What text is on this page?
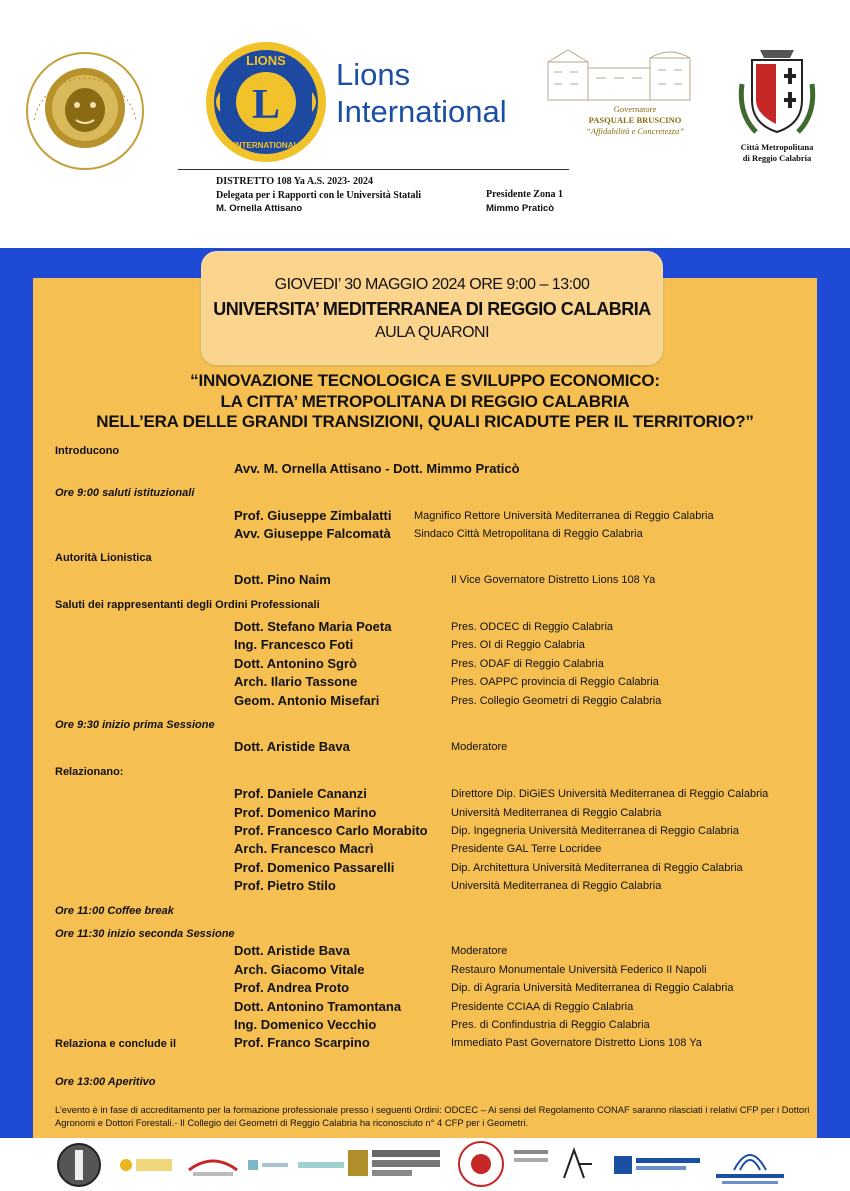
L
LIONS
INTERNATIONAL
Lions
International
DISTRETTO 108 Ya A.S. 2023- 2024
Delegata per i Rapporti con le Università Statali
M. Ornella Attisano
Presidente Zona 1
Mimmo Praticò
Governatore
PASQUALE BRUSCINO
“Affidabilità e Concretezza”
Città Metropolitana
di Reggio Calabria
GIOVEDI’ 30 MAGGIO 2024 ORE 9:00 – 13:00
UNIVERSITA’ MEDITERRANEA DI REGGIO CALABRIA
AULA QUARONI
“INNOVAZIONE TECNOLOGICA E SVILUPPO ECONOMICO:
LA CITTA’ METROPOLITANA DI REGGIO CALABRIA
NELL’ERA DELLE GRANDI TRANSIZIONI, QUALI RICADUTE PER IL TERRITORIO?”
Introducono
Avv. M. Ornella Attisano - Dott. Mimmo Praticò
Ore 9:00 saluti istituzionali
Prof. Giuseppe Zimbalatti Magnifico Rettore Università Mediterranea di Reggio Calabria
Avv. Giuseppe Falcomatà Sindaco Città Metropolitana di Reggio Calabria
Autorità Lionistica
Dott. Pino Naim	Il Vice Governatore Distretto Lions 108 Ya
Saluti dei rappresentanti degli Ordini Professionali
Dott. Stefano Maria Poeta	Pres. ODCEC di Reggio Calabria
Ing. Francesco Foti	Pres. OI di Reggio Calabria
Dott. Antonino Sgrò	Pres. ODAF di Reggio Calabria
Arch. Ilario Tassone	Pres. OAPPC provincia di Reggio Calabria
Geom. Antonio Misefari	Pres. Collegio Geometri di Reggio Calabria
Ore 9:30 inizio prima Sessione
Dott. Aristide Bava	Moderatore
Relazionano:
Prof. Daniele Cananzi	Direttore Dip. DiGiES Università Mediterranea di Reggio Calabria
Prof. Domenico Marino	Università Mediterranea di Reggio Calabria
Prof. Francesco Carlo Morabito Dip. Ingegneria Università Mediterranea di Reggio Calabria
Arch. Francesco Macrì	Presidente GAL Terre Locridee
Prof. Domenico Passarelli	Dip. Architettura Università Mediterranea di Reggio Calabria
Prof. Pietro Stilo	Università Mediterranea di Reggio Calabria
Ore 11:00 Coffee break
Ore 11:30 inizio seconda Sessione
Dott. Aristide Bava	Moderatore
Arch. Giacomo Vitale	Restauro Monumentale Università Federico II Napoli
Prof. Andrea Proto	Dip. di Agraria Università Mediterranea di Reggio Calabria
Dott. Antonino Tramontana	Presidente CCIAA di Reggio Calabria
Ing. Domenico Vecchio	Pres. di Confindustria di Reggio Calabria
Relaziona e conclude il	Prof. Franco Scarpino	Immediato Past Governatore Distretto Lions 108 Ya
Ore 13:00 Aperitivo
L’evento è in fase di accreditamento per la formazione professionale presso i seguenti Ordini: ODCEC – Ai sensi del Regolamento CONAF saranno rilasciati i relativi CFP per i Dottori Agronomi e Dottori Forestali.- Il Collegio dei Geometri di Reggio Calabria ha riconosciuto n° 4 CFP per i Geometri.
